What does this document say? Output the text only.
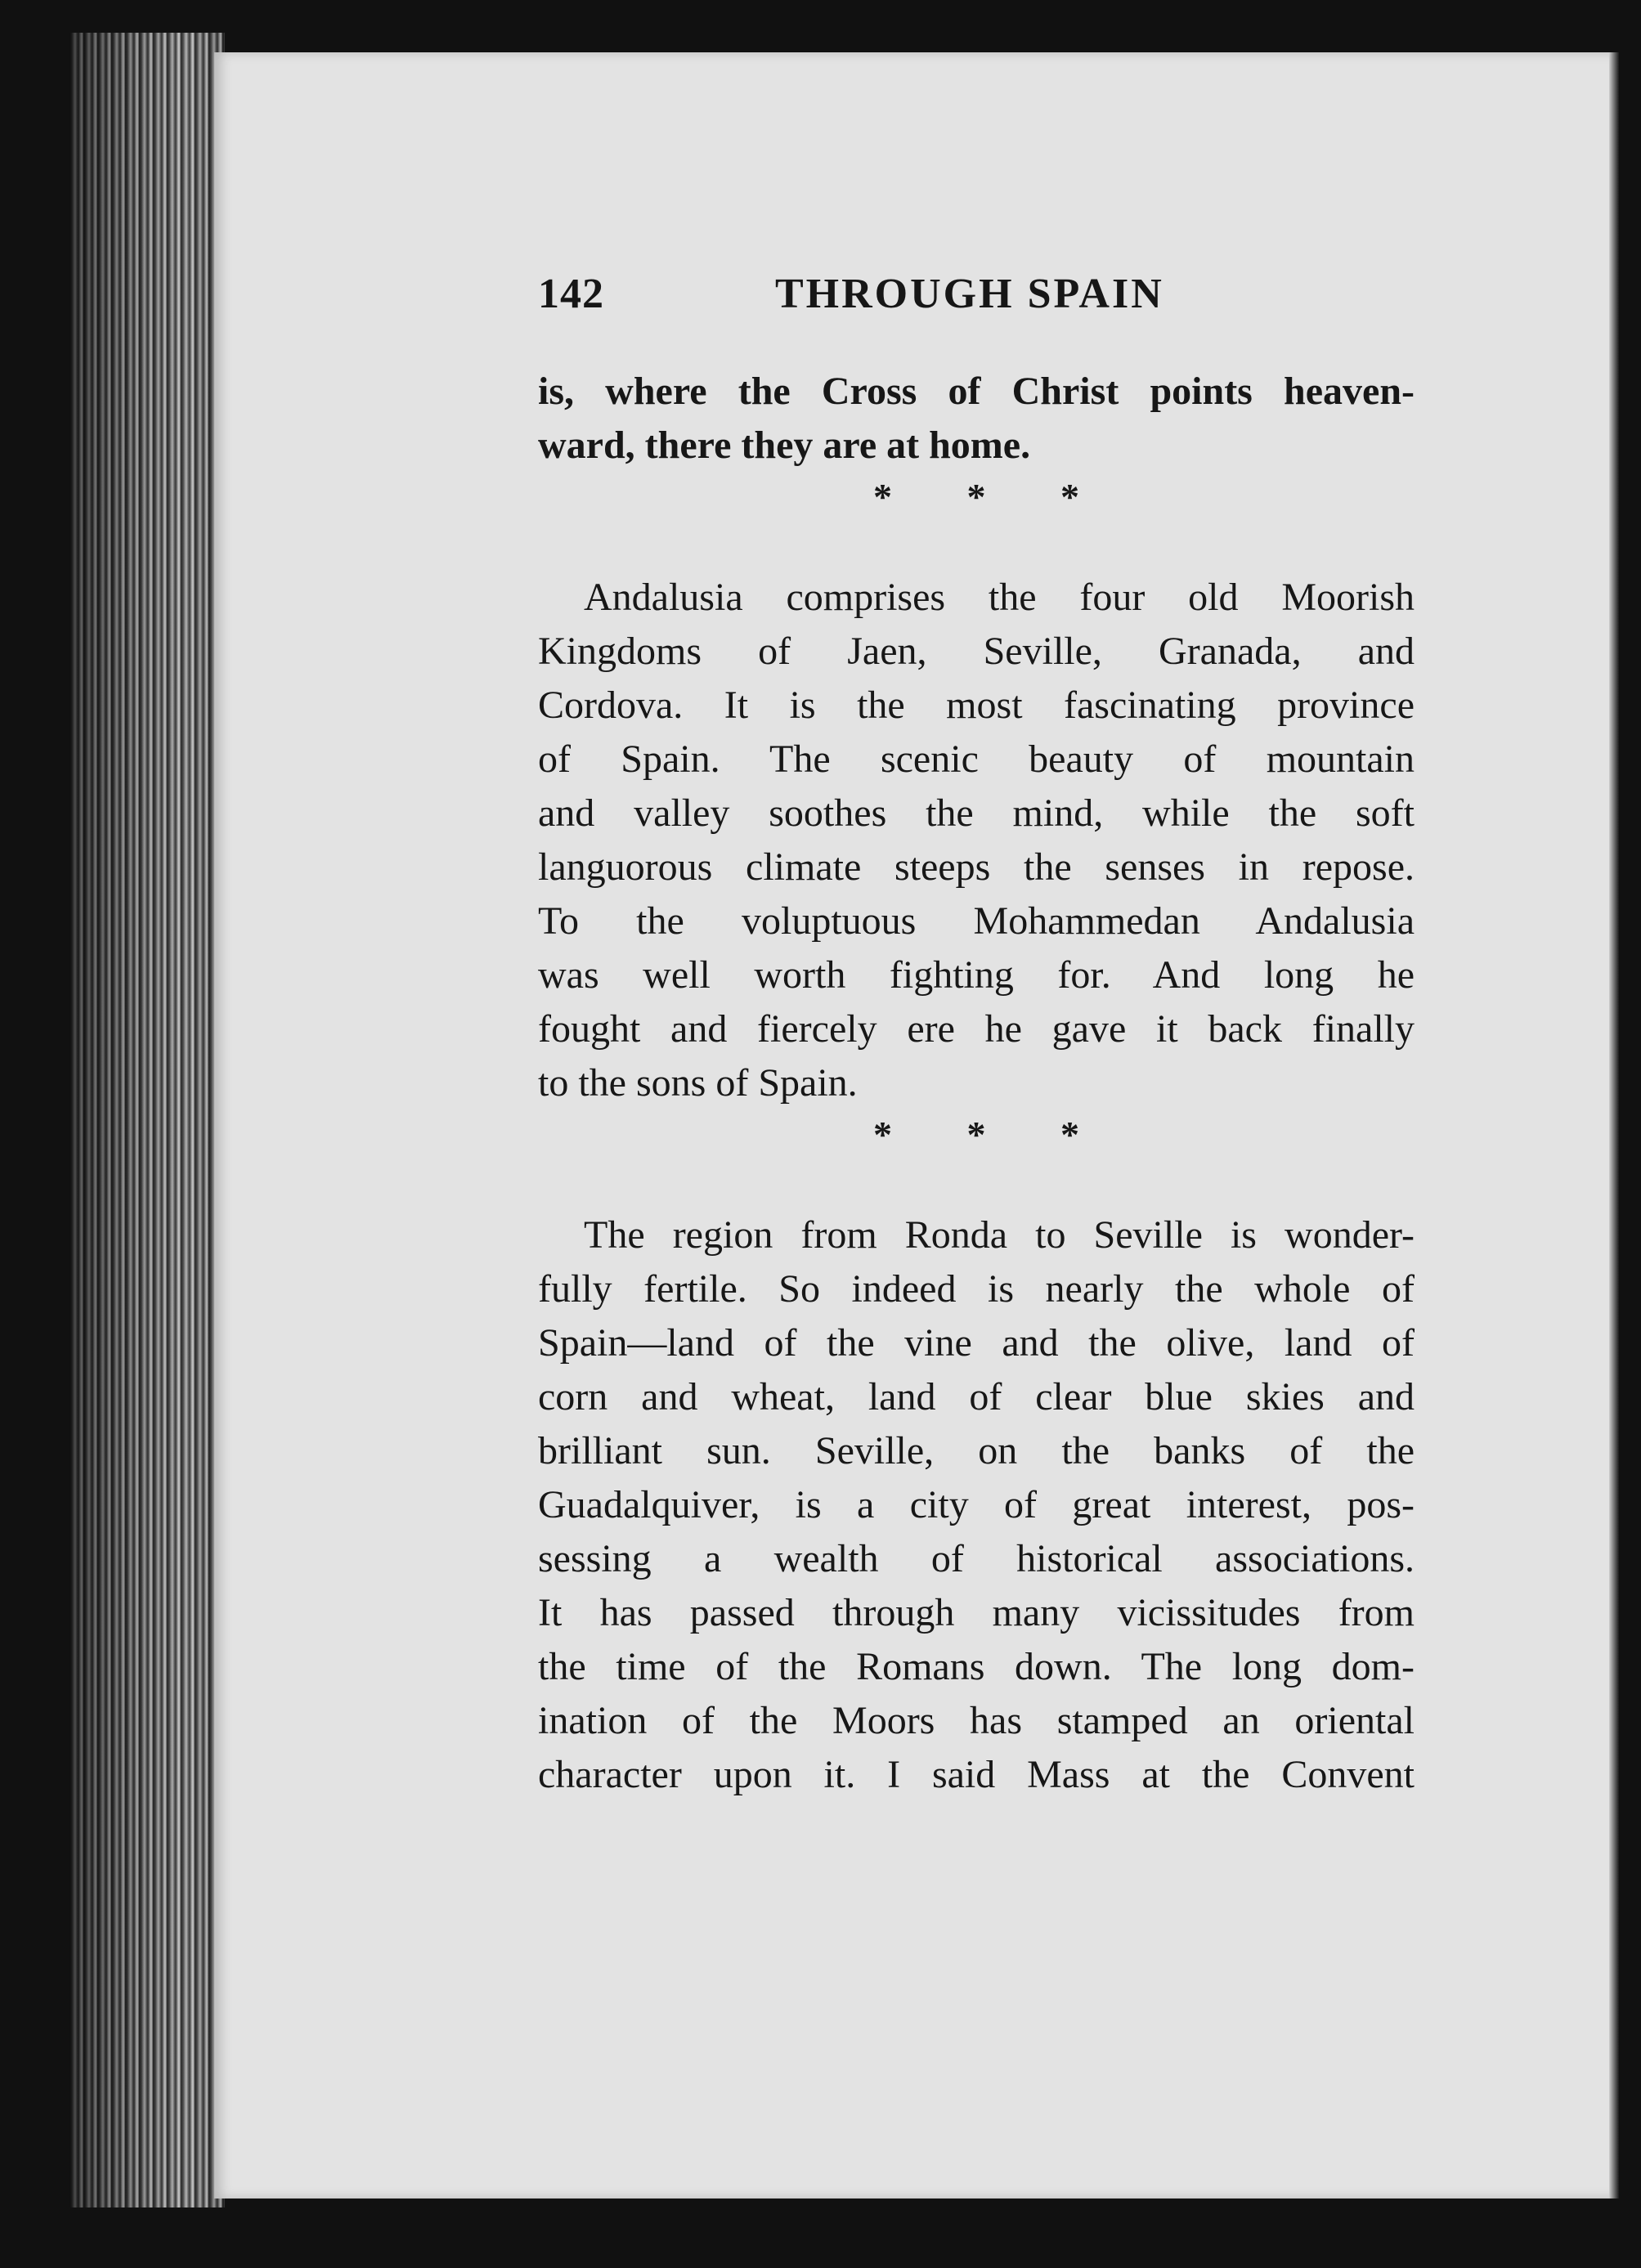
142	THROUGH SPAIN
is, where the Cross of Christ points heaven-
ward, there they are at home.
* * *
Andalusia comprises the four old Moorish
Kingdoms of Jaen, Seville, Granada, and
Cordova. It is the most fascinating province
of Spain. The scenic beauty of mountain
and valley soothes the mind, while the soft
languorous climate steeps the senses in repose.
To the voluptuous Mohammedan Andalusia
was well worth fighting for. And long he
fought and fiercely ere he gave it back finally
to the sons of Spain.
* * *
The region from Ronda to Seville is wonder-
fully fertile. So indeed is nearly the whole of
Spain—land of the vine and the olive, land of
corn and wheat, land of clear blue skies and
brilliant sun. Seville, on the banks of the
Guadalquiver, is a city of great interest, pos-
sessing a wealth of historical associations.
It has passed through many vicissitudes from
the time of the Romans down. The long dom-
ination of the Moors has stamped an oriental
character upon it. I said Mass at the Convent
